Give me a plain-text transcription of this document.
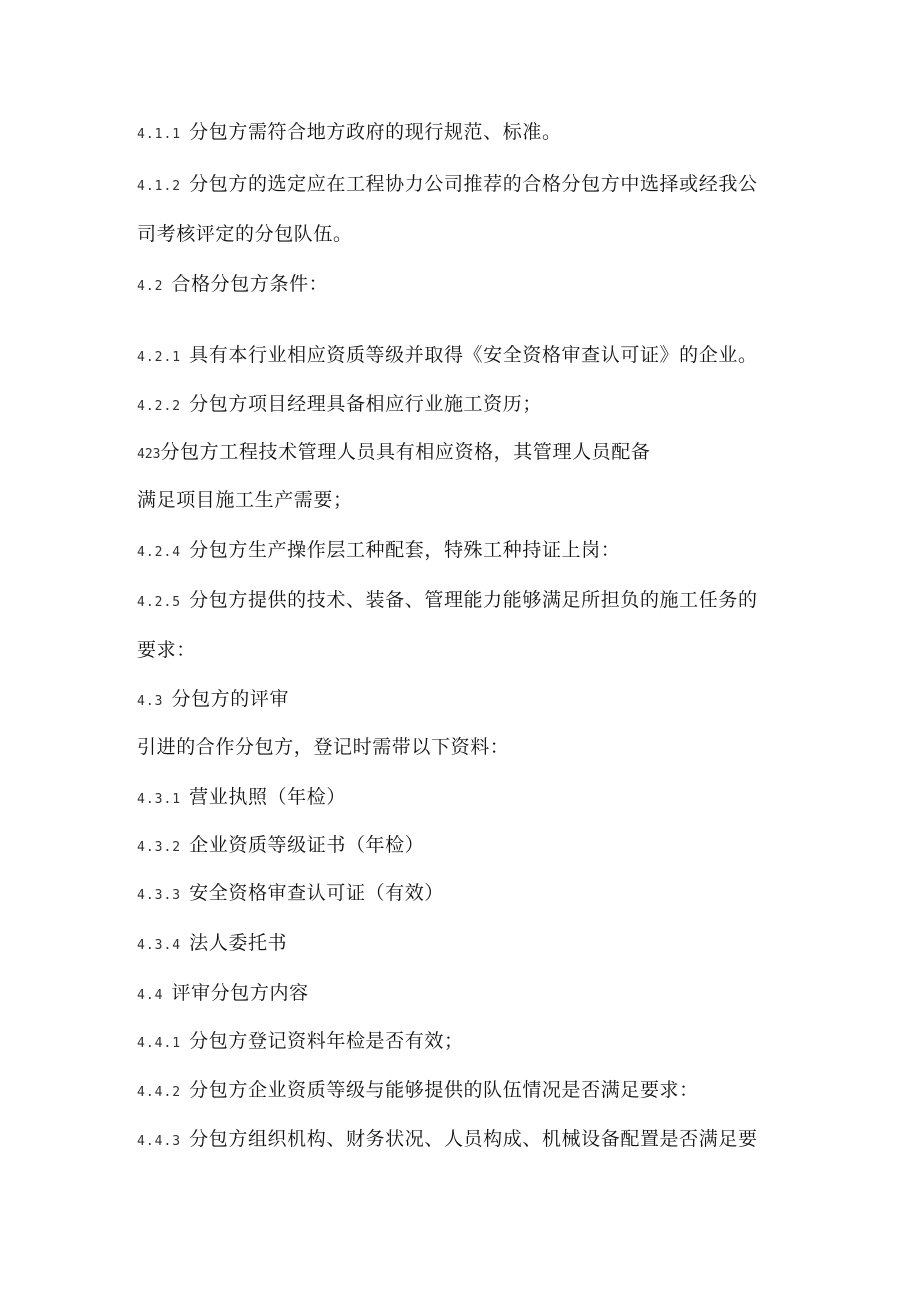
4.1.1 分包方需符合地方政府的现行规范、标准。
4.1.2 分包方的选定应在工程协力公司推荐的合格分包方中选择或经我公
司考核评定的分包队伍。
4.2 合格分包方条件：
4.2.1 具有本行业相应资质等级并取得《安全资格审查认可证》的企业。
4.2.2 分包方项目经理具备相应行业施工资历；
423分包方工程技术管理人员具有相应资格，其管理人员配备
满足项目施工生产需要；
4.2.4 分包方生产操作层工种配套，特殊工种持证上岗：
4.2.5 分包方提供的技术、装备、管理能力能够满足所担负的施工任务的
要求：
4.3 分包方的评审
引进的合作分包方，登记时需带以下资料：
4.3.1 营业执照（年检）
4.3.2 企业资质等级证书（年检）
4.3.3 安全资格审查认可证（有效）
4.3.4 法人委托书
4.4 评审分包方内容
4.4.1 分包方登记资料年检是否有效；
4.4.2 分包方企业资质等级与能够提供的队伍情况是否满足要求：
4.4.3 分包方组织机构、财务状况、人员构成、机械设备配置是否满足要
